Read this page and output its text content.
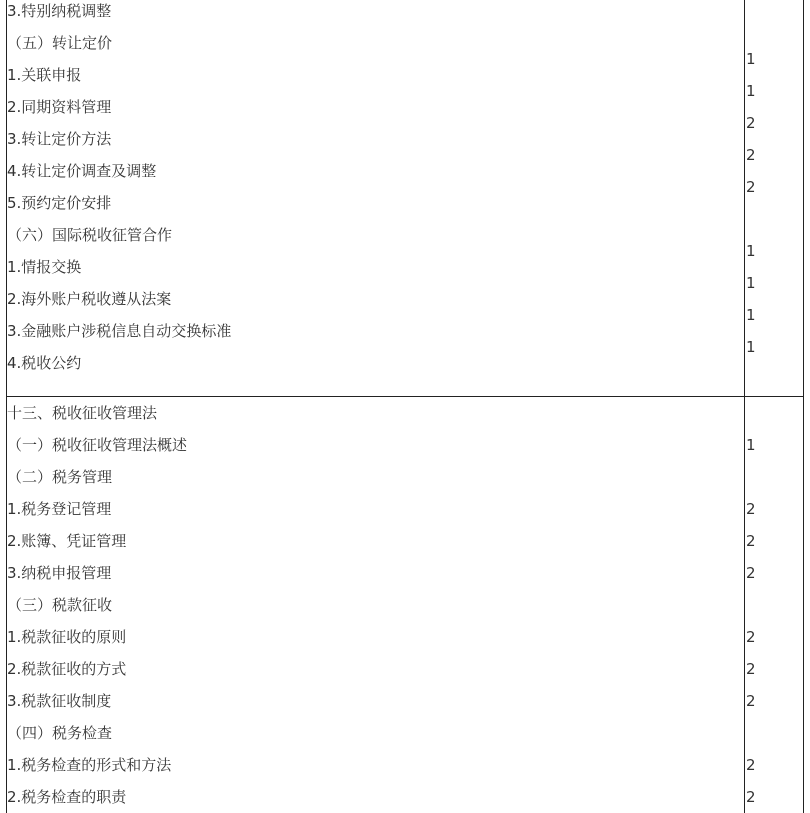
3.特别纳税调整
（五）转让定价
1.关联申报
2.同期资料管理
3.转让定价方法
4.转让定价调查及调整
5.预约定价安排
（六）国际税收征管合作
1.情报交换
2.海外账户税收遵从法案
3.金融账户涉税信息自动交换标准
4.税收公约
1
1
2
2
2
1
1
1
1
十三、税收征收管理法
（一）税收征收管理法概述
（二）税务管理
1.税务登记管理
2.账簿、凭证管理
3.纳税申报管理
（三）税款征收
1.税款征收的原则
2.税款征收的方式
3.税款征收制度
（四）税务检查
1.税务检查的形式和方法
2.税务检查的职责
1
2
2
2
2
2
2
2
2
